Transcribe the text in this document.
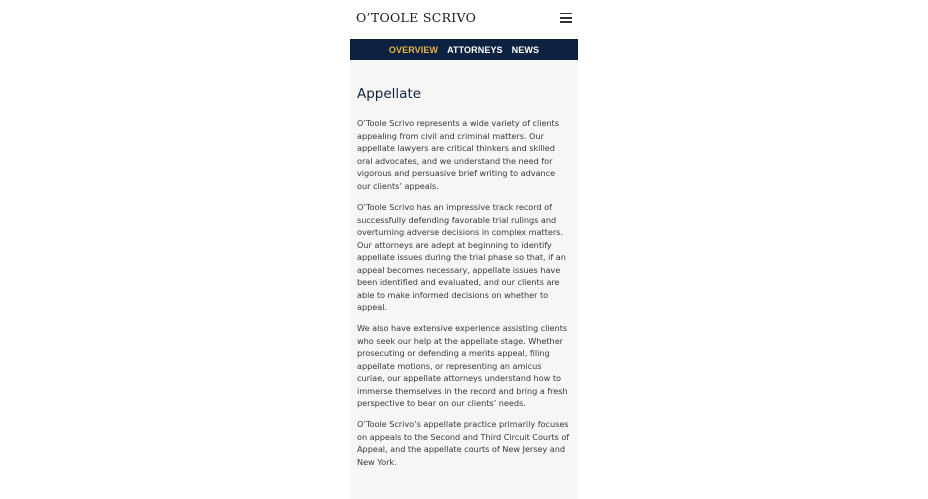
O’TOOLE SCRIVO
OVERVIEW ATTORNEYS NEWS
Appellate

O’Toole Scrivo represents a wide variety of clients appealing from civil and criminal matters. Our appellate lawyers are critical thinkers and skilled oral advocates, and we understand the need for vigorous and persuasive brief writing to advance our clients’ appeals.

O’Toole Scrivo has an impressive track record of successfully defending favorable trial rulings and overturning adverse decisions in complex matters. Our attorneys are adept at beginning to identify appellate issues during the trial phase so that, if an appeal becomes necessary, appellate issues have been identified and evaluated, and our clients are able to make informed decisions on whether to appeal.

We also have extensive experience assisting clients who seek our help at the appellate stage. Whether prosecuting or defending a merits appeal, filing appellate motions, or representing an amicus curiae, our appellate attorneys understand how to immerse themselves in the record and bring a fresh perspective to bear on our clients’ needs.

O’Toole Scrivo’s appellate practice primarily focuses on appeals to the Second and Third Circuit Courts of Appeal, and the appellate courts of New Jersey and New York.
